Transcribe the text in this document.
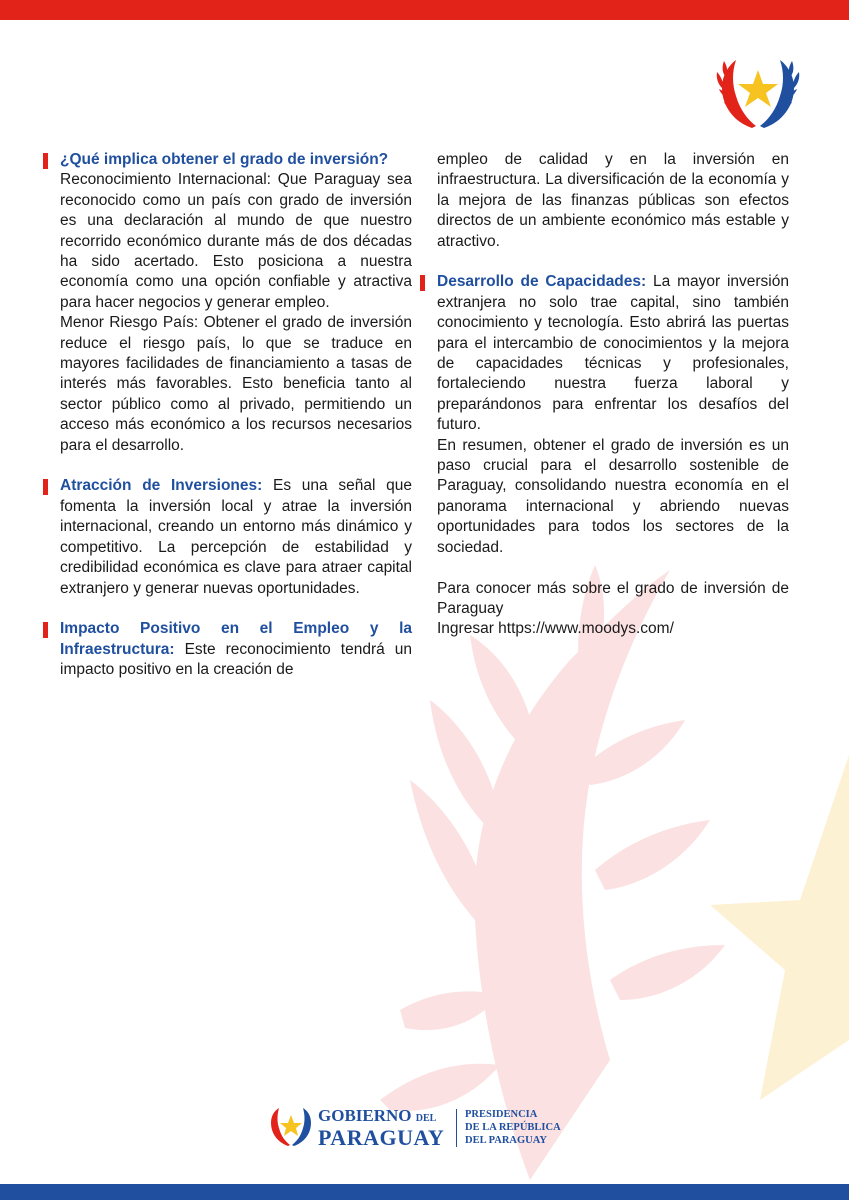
¿Qué implica obtener el grado de inversión?

Reconocimiento Internacional: Que Paraguay sea reconocido como un país con grado de inversión es una declaración al mundo de que nuestro recorrido económico durante más de dos décadas ha sido acertado. Esto posiciona a nuestra economía como una opción confiable y atractiva para hacer negocios y generar empleo.

Menor Riesgo País: Obtener el grado de inversión reduce el riesgo país, lo que se traduce en mayores facilidades de financiamiento a tasas de interés más favorables. Esto beneficia tanto al sector público como al privado, permitiendo un acceso más económico a los recursos necesarios para el desarrollo.

Atracción de Inversiones: Es una señal que fomenta la inversión local y atrae la inversión internacional, creando un entorno más dinámico y competitivo. La percepción de estabilidad y credibilidad económica es clave para atraer capital extranjero y generar nuevas oportunidades.

Impacto Positivo en el Empleo y la Infraestructura: Este reconocimiento tendrá un impacto positivo en la creación de

empleo de calidad y en la inversión en infraestructura. La diversificación de la economía y la mejora de las finanzas públicas son efectos directos de un ambiente económico más estable y atractivo.

Desarrollo de Capacidades: La mayor inversión extranjera no solo trae capital, sino también conocimiento y tecnología. Esto abrirá las puertas para el intercambio de conocimientos y la mejora de capacidades técnicas y profesionales, fortaleciendo nuestra fuerza laboral y preparándonos para enfrentar los desafíos del futuro.

En resumen, obtener el grado de inversión es un paso crucial para el desarrollo sostenible de Paraguay, consolidando nuestra economía en el panorama internacional y abriendo nuevas oportunidades para todos los sectores de la sociedad.

Para conocer más sobre el grado de inversión de Paraguay

Ingresar https://www.moodys.com/

GOBIERNO DEL
PARAGUAY
PRESIDENCIA
DE LA REPÚBLICA
DEL PARAGUAY
